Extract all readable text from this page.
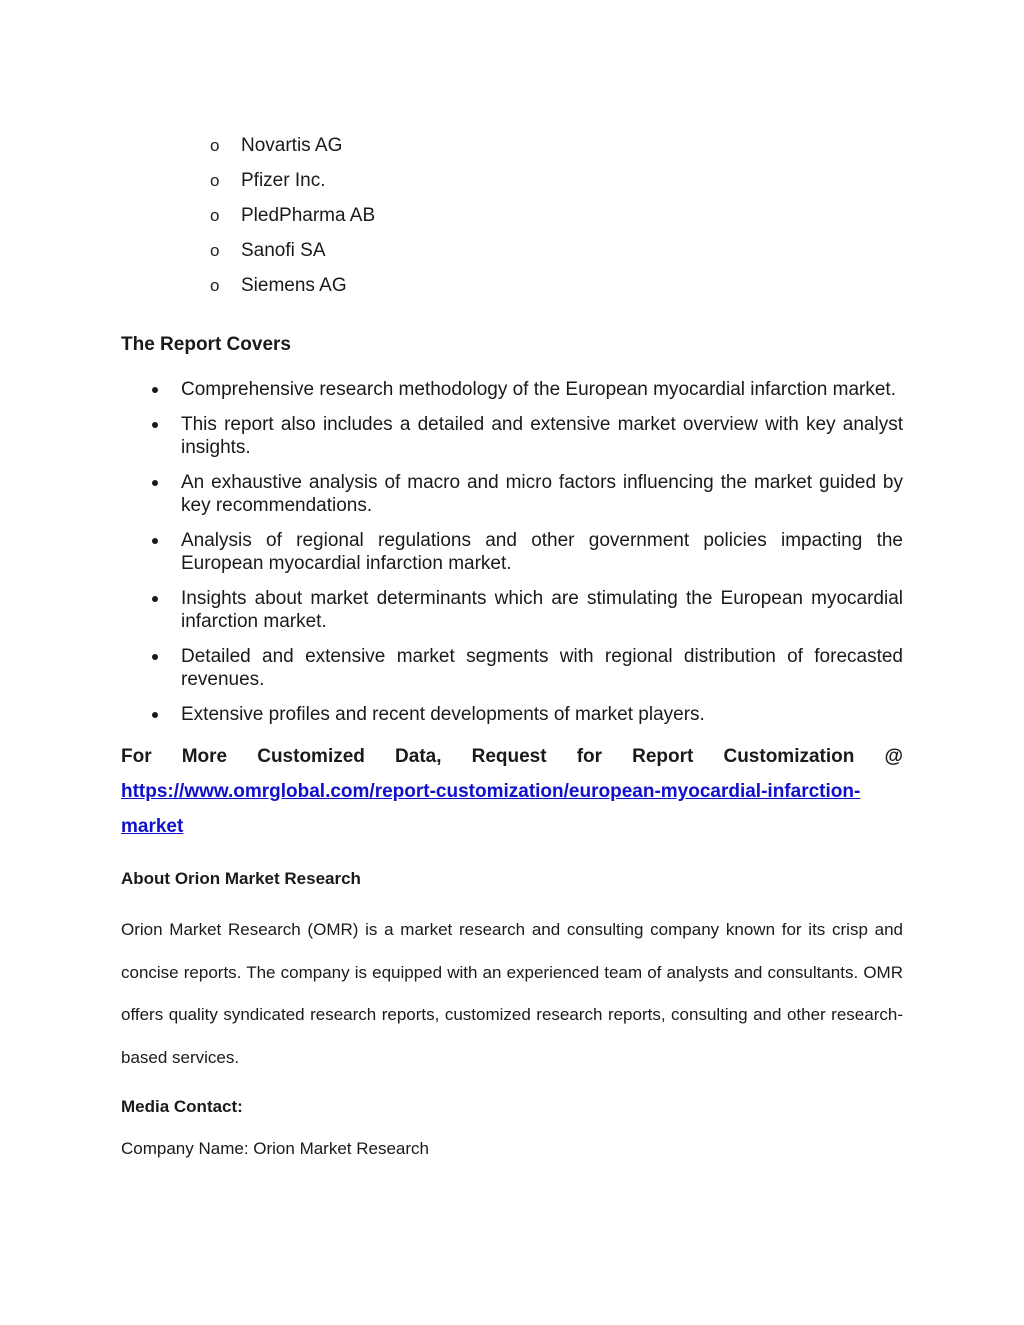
o	Novartis AG
o	Pfizer Inc.
o	PledPharma AB
o	Sanofi SA
o	Siemens AG
The Report Covers
Comprehensive research methodology of the European myocardial infarction market.
This report also includes a detailed and extensive market overview with key analyst insights.
An exhaustive analysis of macro and micro factors influencing the market guided by key recommendations.
Analysis of regional regulations and other government policies impacting the European myocardial infarction market.
Insights about market determinants which are stimulating the European myocardial infarction market.
Detailed and extensive market segments with regional distribution of forecasted revenues.
Extensive profiles and recent developments of market players.
For More Customized Data, Request for Report Customization @
https://www.omrglobal.com/report-customization/european-myocardial-infarction-
market
About Orion Market Research

Orion Market Research (OMR) is a market research and consulting company known for its crisp and concise reports. The company is equipped with an experienced team of analysts and consultants. OMR offers quality syndicated research reports, customized research reports, consulting and other research-based services.

Media Contact:
Company Name: Orion Market Research
